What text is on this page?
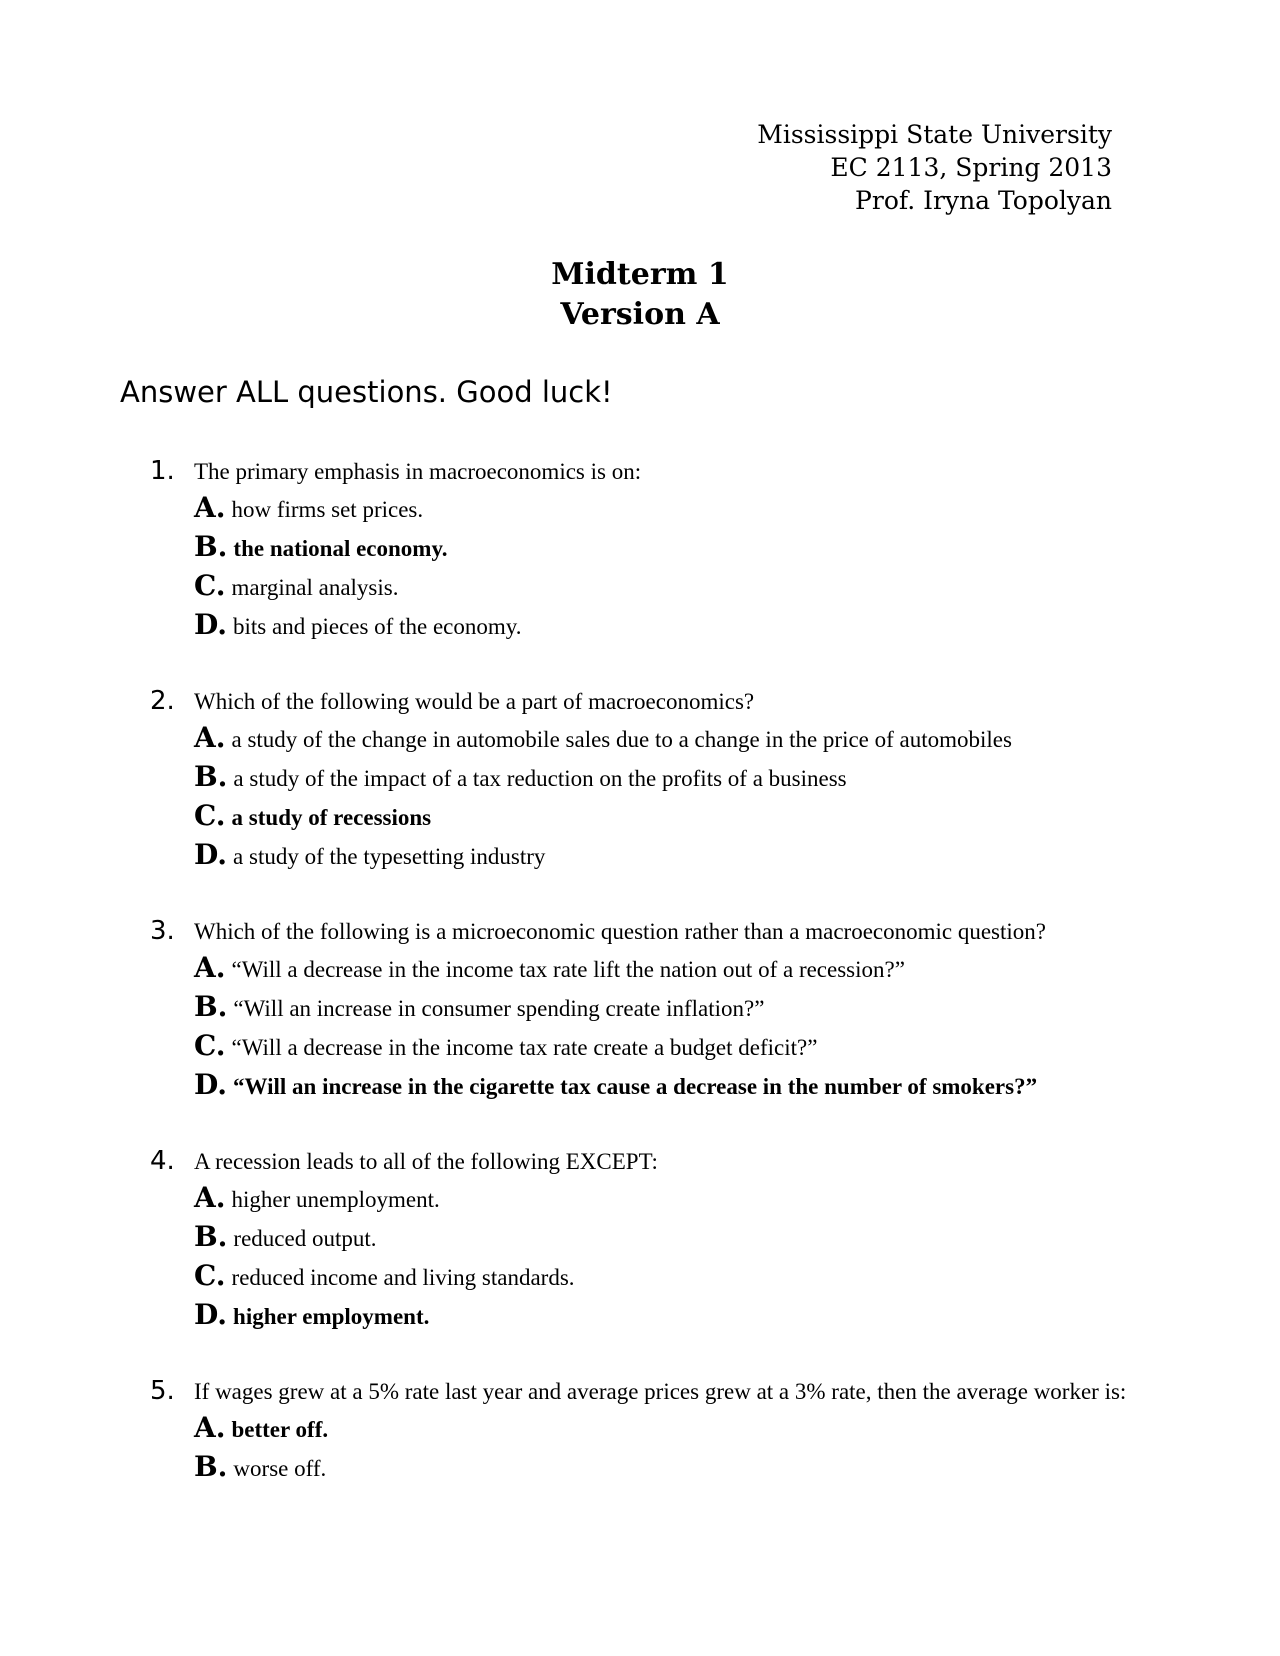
Mississippi State University
EC 2113, Spring 2013
Prof. Iryna Topolyan
Midterm 1
Version A
Answer ALL questions. Good luck!
1. The primary emphasis in macroeconomics is on:
A. how firms set prices.
B. the national economy.
C. marginal analysis.
D. bits and pieces of the economy.
2. Which of the following would be a part of macroeconomics?
A. a study of the change in automobile sales due to a change in the price of automobiles
B. a study of the impact of a tax reduction on the profits of a business
C. a study of recessions
D. a study of the typesetting industry
3. Which of the following is a microeconomic question rather than a macroeconomic question?
A. “Will a decrease in the income tax rate lift the nation out of a recession?”
B. “Will an increase in consumer spending create inflation?”
C. “Will a decrease in the income tax rate create a budget deficit?”
D. “Will an increase in the cigarette tax cause a decrease in the number of smokers?”
4. A recession leads to all of the following EXCEPT:
A. higher unemployment.
B. reduced output.
C. reduced income and living standards.
D. higher employment.
5. If wages grew at a 5% rate last year and average prices grew at a 3% rate, then the average worker is:
A. better off.
B. worse off.
